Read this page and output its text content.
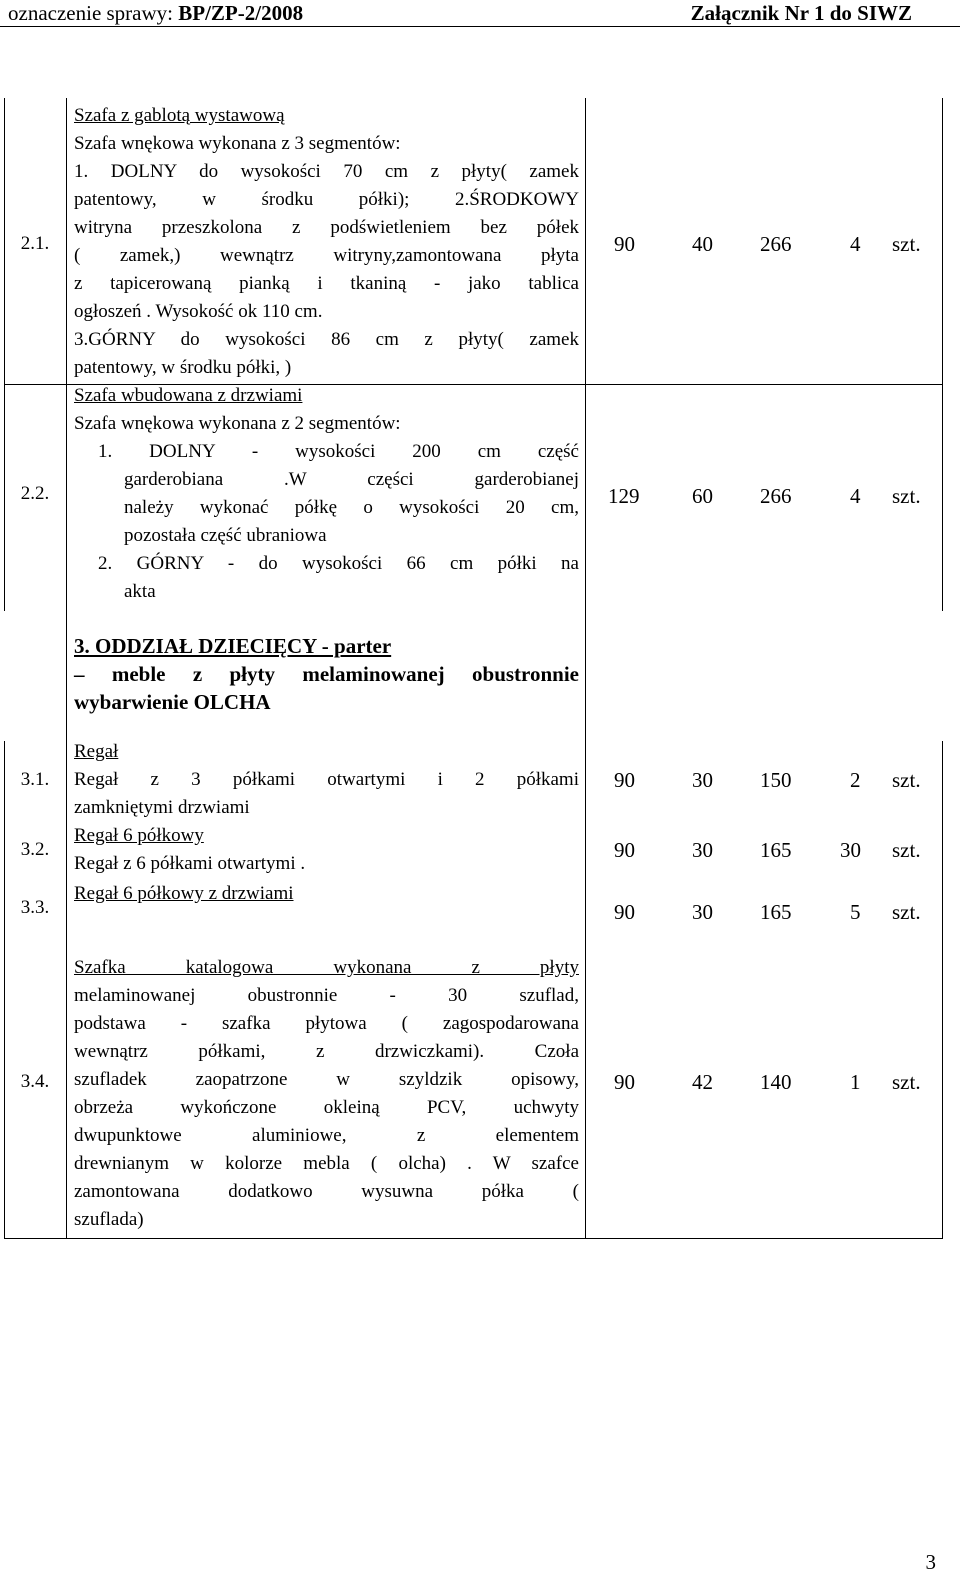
oznaczenie sprawy: BP/ZP-2/2008	Załącznik Nr 1 do SIWZ
2.1.

Szafa z gablotą wystawową

Szafa wnękowa wykonana z 3 segmentów:

1. DOLNY do wysokości 70 cm z płyty( zamek

patentowy, w środku półki); 2.ŚRODKOWY

witryna przeszkolona z podświetleniem bez półek

( zamek,) wewnątrz witryny,zamontowana płyta

z tapicerowaną pianką i tkaniną - jako tablica

ogłoszeń . Wysokość ok 110 cm.

3.GÓRNY do wysokości 86 cm z płyty( zamek

patentowy, w środku półki, )

90	40 266	4 szt.
2.2.

Szafa wbudowana z drzwiami

Szafa wnękowa wykonana z 2 segmentów:

1. DOLNY - wysokości 200 cm część

garderobiana .W części garderobianej

należy wykonać półkę o wysokości 20 cm,

pozostała część ubraniowa

2. GÓRNY - do wysokości 66 cm półki na

akta

129	60 266	4 szt.

3. ODDZIAŁ DZIECIĘCY - parter

– meble z płyty melaminowanej obustronnie

wybarwienie OLCHA

3.1.

Regał

Regał z 3 półkami otwartymi i 2 półkami

zamkniętymi drzwiami

90	30 150	2 szt.
3.2.

Regał 6 półkowy

Regał z 6 półkami otwartymi .

90	30 165 30 szt.
3.3.

Regał 6 półkowy z drzwiami

90	30 165	5 szt.
3.4.

Szafka katalogowa wykonana z płyty

melaminowanej obustronnie - 30 szuflad,

podstawa - szafka płytowa ( zagospodarowana

wewnątrz półkami, z drzwiczkami). Czoła

szufladek zaopatrzone w szyldzik opisowy,

obrzeża wykończone okleiną PCV, uchwyty

dwupunktowe aluminiowe, z elementem

drewnianym w kolorze mebla ( olcha) . W szafce

zamontowana dodatkowo wysuwna półka (

szuflada)

90	42 140	1 szt.
3
